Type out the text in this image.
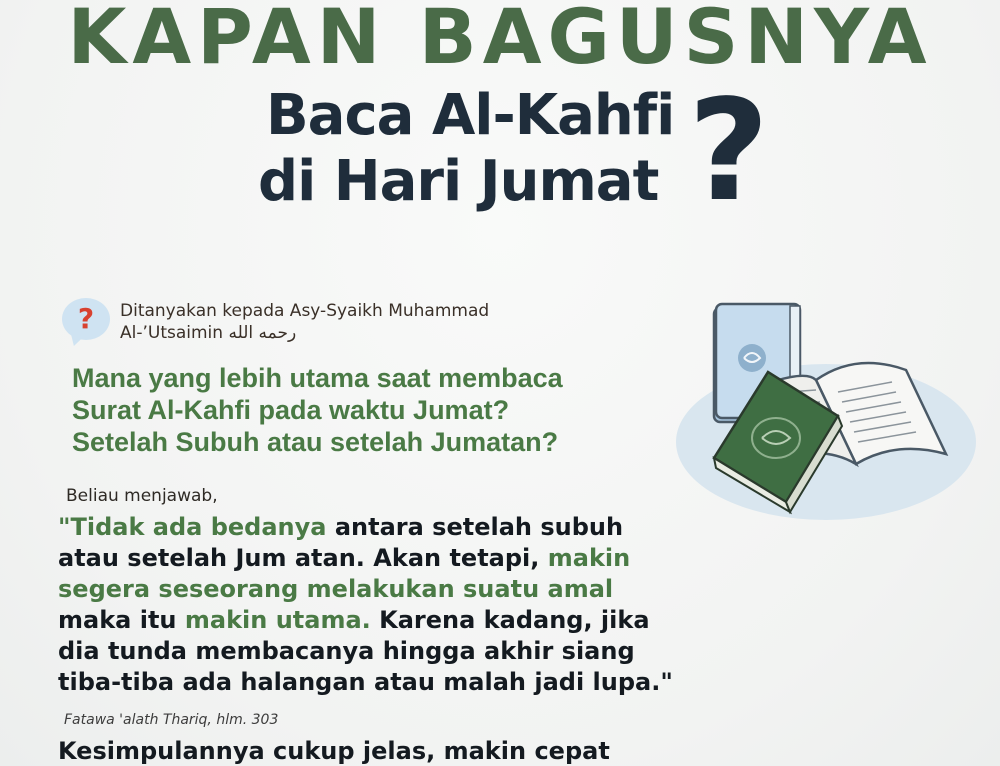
KAPAN BAGUSNYA
Baca Al-Kahfi
di Hari Jumat ?
?	Ditanyakan kepada Asy-Syaikh Muhammad
Al-’Utsaimin رحمه الله
Mana yang lebih utama saat membaca
Surat Al-Kahfi pada waktu Jumat?
Setelah Subuh atau setelah Jumatan?
Beliau menjawab,
"Tidak ada bedanya antara setelah subuh
atau setelah Jum atan. Akan tetapi, makin
segera seseorang melakukan suatu amal
maka itu makin utama. Karena kadang, jika
dia tunda membacanya hingga akhir siang
tiba-tiba ada halangan atau malah jadi lupa."
Fatawa 'alath Thariq, hlm. 303
Kesimpulannya cukup jelas, makin cepat
